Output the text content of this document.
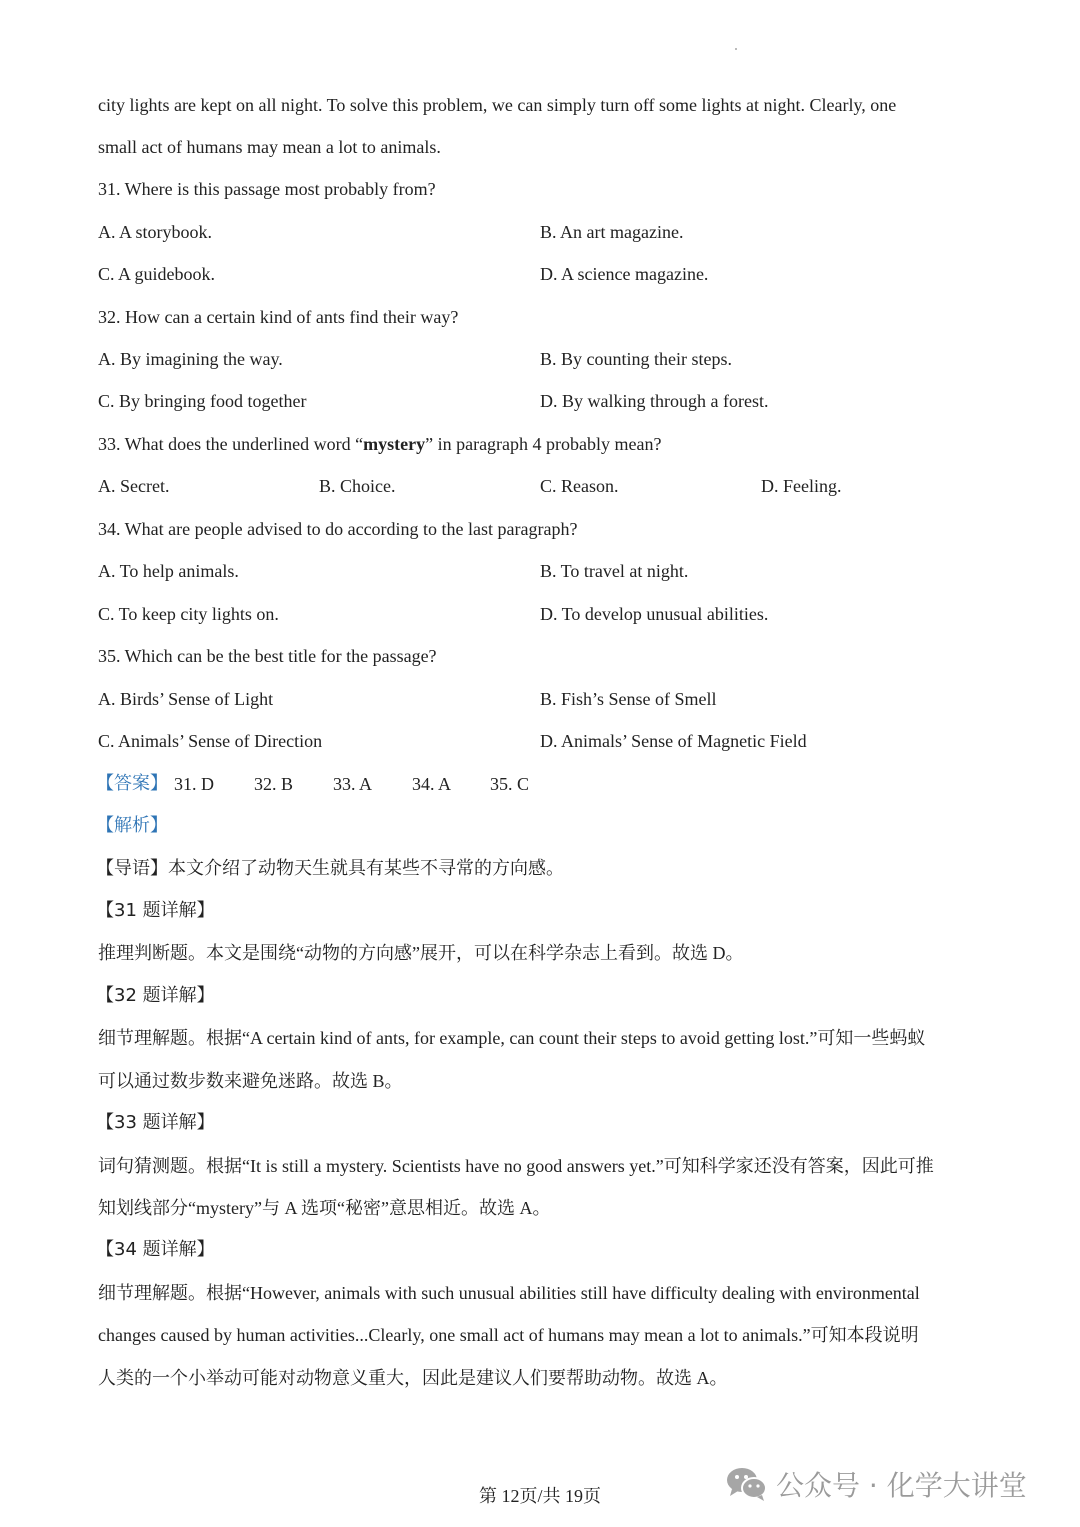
city lights are kept on all night. To solve this problem, we can simply turn off some lights at night. Clearly, one
small act of humans may mean a lot to animals.
31. Where is this passage most probably from?
A. A storybook.	B. An art magazine.
C. A guidebook.	D. A science magazine.
32. How can a certain kind of ants find their way?
A. By imagining the way.	B. By counting their steps.
C. By bringing food together	D. By walking through a forest.
33. What does the underlined word “mystery” in paragraph 4 probably mean?
A. Secret.	B. Choice.	C. Reason.	D. Feeling.
34. What are people advised to do according to the last paragraph?
A. To help animals.	B. To travel at night.
C. To keep city lights on.	D. To develop unusual abilities.
35. Which can be the best title for the passage?
A. Birds’ Sense of Light	B. Fish’s Sense of Smell
C. Animals’ Sense of Direction	D. Animals’ Sense of Magnetic Field
【答案】 31. D 32. B 33. A 34. A 35. C
【解析】
【导语】本文介绍了动物天生就具有某些不寻常的方向感。
【31 题详解】
推理判断题。本文是围绕“动物的方向感”展开，可以在科学杂志上看到。故选 D。
【32 题详解】
细节理解题。根据“A certain kind of ants, for example, can count their steps to avoid getting lost.”可知一些蚂蚁
可以通过数步数来避免迷路。故选 B。
【33 题详解】
词句猜测题。根据“It is still a mystery. Scientists have no good answers yet.”可知科学家还没有答案，因此可推
知划线部分“mystery”与 A 选项“秘密”意思相近。故选 A。
【34 题详解】
细节理解题。根据“However, animals with such unusual abilities still have difficulty dealing with environmental
changes caused by human activities...Clearly, one small act of humans may mean a lot to animals.”可知本段说明
人类的一个小举动可能对动物意义重大，因此是建议人们要帮助动物。故选 A。
第 12页/共 19页	公众号 · 化学大讲堂
